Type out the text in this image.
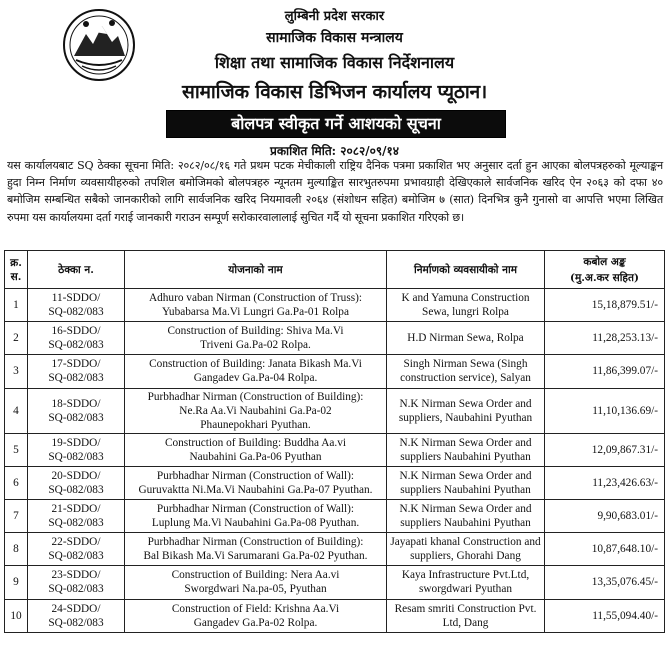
लुम्बिनी प्रदेश सरकार
सामाजिक विकास मन्त्रालय
शिक्षा तथा सामाजिक विकास निर्देशनालय
सामाजिक विकास डिभिजन कार्यालय प्यूठान।
बोलपत्र स्वीकृत गर्ने आशयको सूचना
प्रकाशित मिति: २०८२/०९/१४
यस कार्यालयबाट SQ ठेक्का सूचना मिति: २०८२/०८/१६ गते प्रथम पटक मेचीकाली राष्ट्रिय दैनिक पत्रमा प्रकाशित भए अनुसार दर्ता हुन आएका बोलपत्रहरुको मूल्याङ्कन हुदा निम्न निर्माण व्यवसायीहरुको तपशिल बमोजिमको बोलपत्रहरु न्यूनतम मुल्याङ्कित सारभुतरुपमा प्रभावग्राही देखिएकाले सार्वजनिक खरिद ऐन २०६३ को दफा ४० बमोजिम सम्बन्धित सबैको जानकारीको लागि सार्वजनिक खरिद नियमावली २०६४ (संशोधन सहित) बमोजिम ७ (सात) दिनभित्र कुनै गुनासो वा आपत्ति भएमा लिखित रुपमा यस कार्यालयमा दर्ता गराई जानकारी गराउन सम्पूर्ण सरोकारवालालाई सुचित गर्दै यो सूचना प्रकाशित गरिएको छ।
क्र.
स.	ठेक्का न.	योजनाको नाम	निर्माणको व्यवसायीको नाम	कबोल अङ्क
(मु.अ.कर सहित)
1	11-SDDO/
SQ-082/083	Adhuro vaban Nirman (Construction of Truss):
Yubabarsa Ma.Vi Lungri Ga.Pa-01 Rolpa	K and Yamuna Construction
Sewa, lungri Rolpa	15,18,879.51/-
2	16-SDDO/
SQ-082/083	Construction of Building: Shiva Ma.Vi
Triveni Ga.Pa-02 Rolpa.	H.D Nirman Sewa, Rolpa	11,28,253.13/-
3	17-SDDO/
SQ-082/083	Construction of Building: Janata Bikash Ma.Vi
Gangadev Ga.Pa-04 Rolpa.	Singh Nirman Sewa (Singh
construction service), Salyan	11,86,399.07/-
4	18-SDDO/
SQ-082/083	Purbhadhar Nirman (Construction of Building):
Ne.Ra Aa.Vi Naubahini Ga.Pa-02
Phaunepokhari Pyuthan.	N.K Nirman Sewa Order and
suppliers, Naubahini Pyuthan	11,10,136.69/-
5	19-SDDO/
SQ-082/083	Construction of Building: Buddha Aa.vi
Naubahini Ga.Pa-06 Pyuthan	N.K Nirman Sewa Order and
suppliers Naubahini Pyuthan	12,09,867.31/-
6	20-SDDO/
SQ-082/083	Purbhadhar Nirman (Construction of Wall):
Guruvaktta Ni.Ma.Vi Naubahini Ga.Pa-07 Pyuthan.	N.K Nirman Sewa Order and
suppliers Naubahini Pyuthan	11,23,426.63/-
7	21-SDDO/
SQ-082/083	Purbhadhar Nirman (Construction of Wall):
Luplung Ma.Vi Naubahini Ga.Pa-08 Pyuthan.	N.K Nirman Sewa Order and
suppliers Naubahini Pyuthan	9,90,683.01/-
8	22-SDDO/
SQ-082/083	Purbhadhar Nirman (Construction of Building):
Bal Bikash Ma.Vi Sarumarani Ga.Pa-02 Pyuthan.	Jayapati khanal Construction and
suppliers, Ghorahi Dang	10,87,648.10/-
9	23-SDDO/
SQ-082/083	Construction of Building: Nera Aa.vi
Sworgdwari Na.pa-05, Pyuthan	Kaya Infrastructure Pvt.Ltd,
sworgdwari Pyuthan	13,35,076.45/-
10	24-SDDO/
SQ-082/083	Construction of Field: Krishna Aa.Vi
Gangadev Ga.Pa-02 Rolpa.	Resam smriti Construction Pvt.
Ltd, Dang	11,55,094.40/-
